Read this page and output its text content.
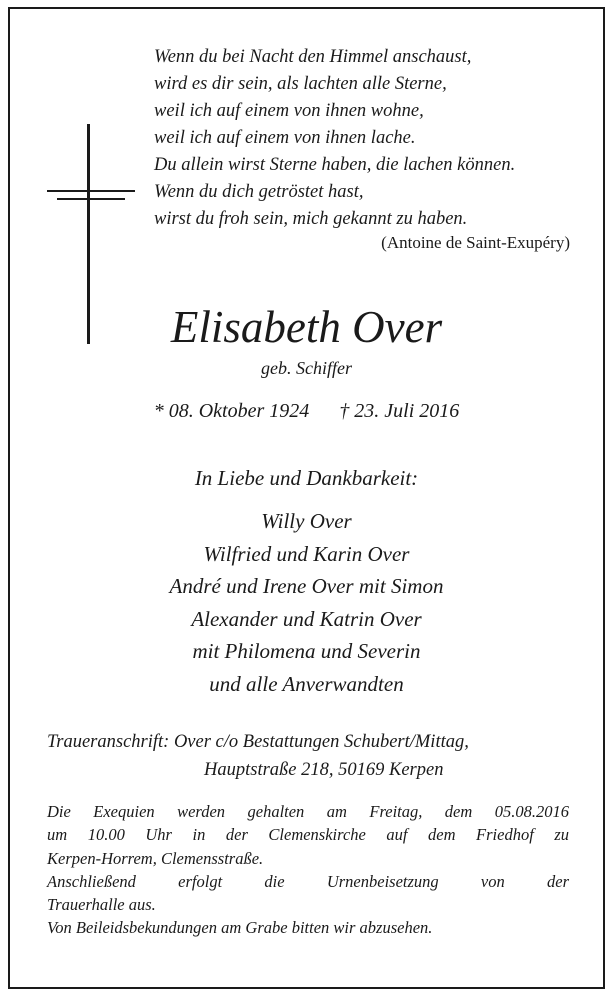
Wenn du bei Nacht den Himmel anschaust,
wird es dir sein, als lachten alle Sterne,
weil ich auf einem von ihnen wohne,
weil ich auf einem von ihnen lache.
Du allein wirst Sterne haben, die lachen können.
Wenn du dich getröstet hast,
wirst du froh sein, mich gekannt zu haben.
(Antoine de Saint-Exupéry)
Elisabeth Over
geb. Schiffer
* 08. Oktober 1924 † 23. Juli 2016
In Liebe und Dankbarkeit:
Willy Over
Wilfried und Karin Over
André und Irene Over mit Simon
Alexander und Katrin Over
mit Philomena und Severin
und alle Anverwandten
Traueranschrift: Over c/o Bestattungen Schubert/Mittag,
Hauptstraße 218, 50169 Kerpen
Die Exequien werden gehalten am Freitag, dem 05.08.2016
um 10.00 Uhr in der Clemenskirche auf dem Friedhof zu
Kerpen-Horrem, Clemensstraße.
Anschließend erfolgt die Urnenbeisetzung von der
Trauerhalle aus.
Von Beileidsbekundungen am Grabe bitten wir abzusehen.
